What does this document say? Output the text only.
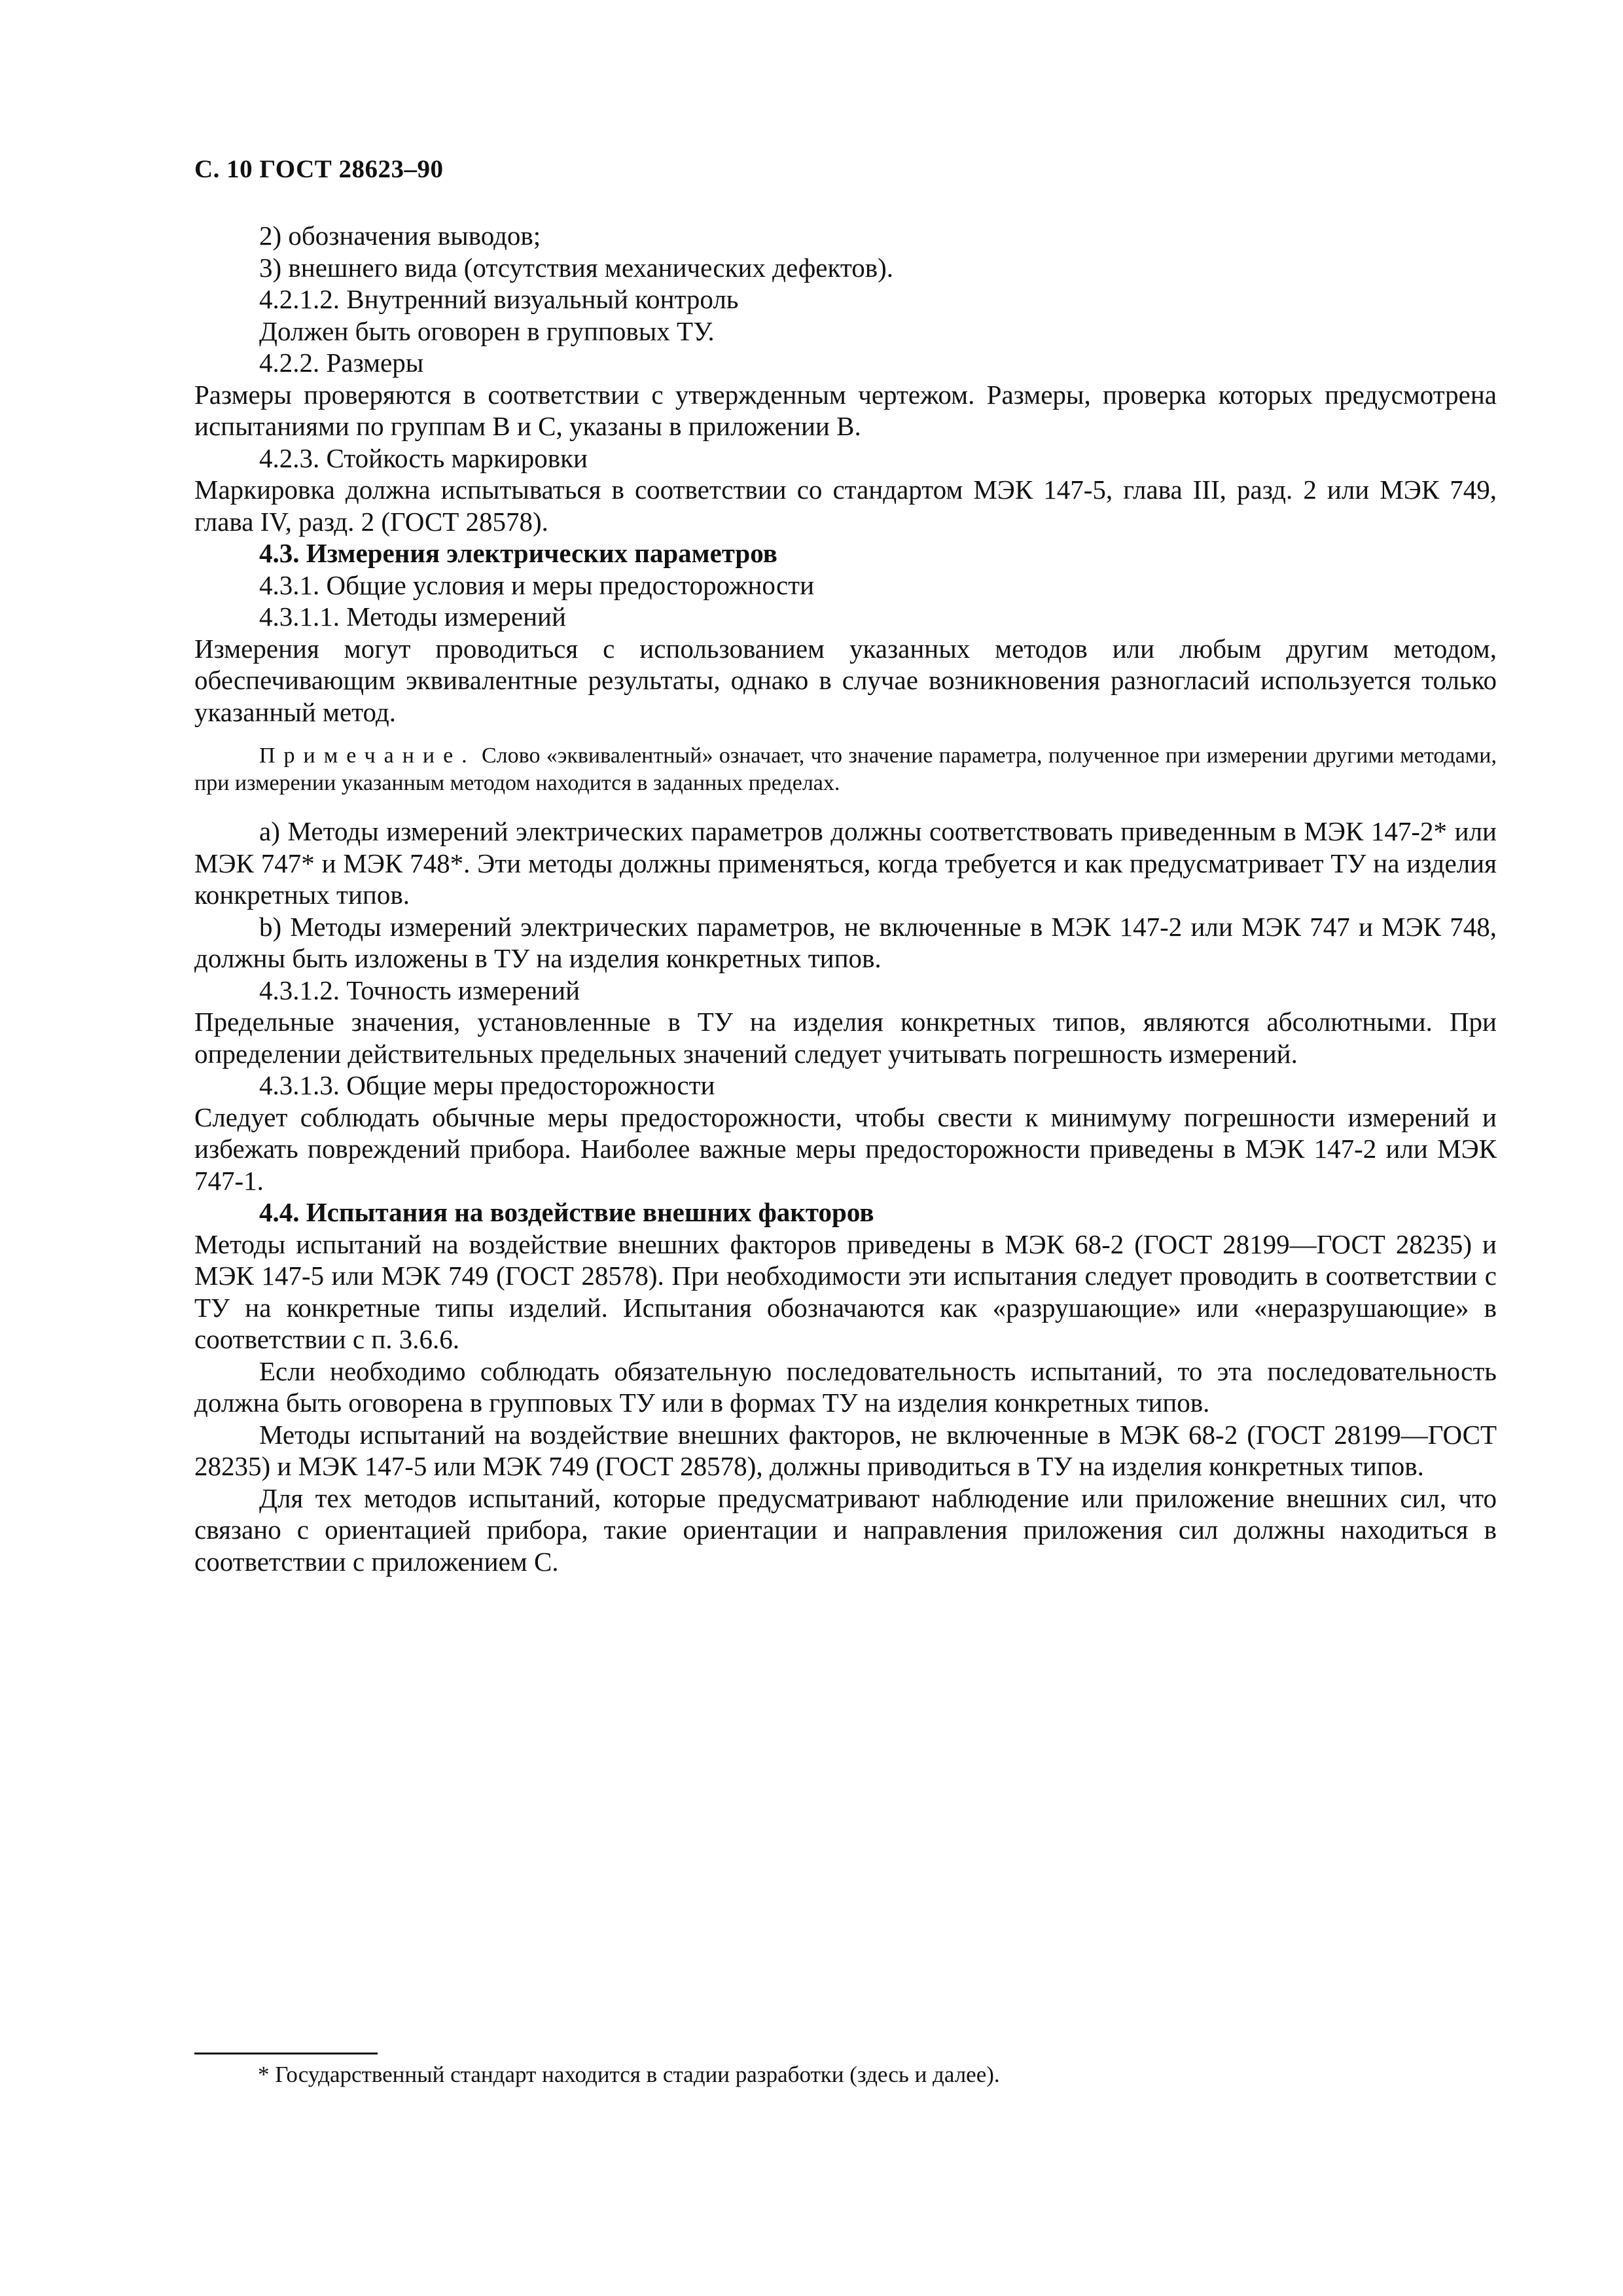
С. 10 ГОСТ 28623–90

2) обозначения выводов;

3) внешнего вида (отсутствия механических дефектов).

4.2.1.2. Внутренний визуальный контроль

Должен быть оговорен в групповых ТУ.

4.2.2. Размеры

Размеры проверяются в соответствии с утвержденным чертежом. Размеры, проверка которых предусмотрена испытаниями по группам В и С, указаны в приложении В.

4.2.3. Стойкость маркировки

Маркировка должна испытываться в соответствии со стандартом МЭК 147-5, глава III, разд. 2 или МЭК 749, глава IV, разд. 2 (ГОСТ 28578).

4.3. Измерения электрических параметров

4.3.1. Общие условия и меры предосторожности

4.3.1.1. Методы измерений

Измерения могут проводиться с использованием указанных методов или любым другим методом, обеспечивающим эквивалентные результаты, однако в случае возникновения разногласий используется только указанный метод.

Примечание. Слово «эквивалентный» означает, что значение параметра, полученное при измерении другими методами, при измерении указанным методом находится в заданных пределах.

a) Методы измерений электрических параметров должны соответствовать приведенным в МЭК 147-2* или МЭК 747* и МЭК 748*. Эти методы должны применяться, когда требуется и как предусматривает ТУ на изделия конкретных типов.

b) Методы измерений электрических параметров, не включенные в МЭК 147-2 или МЭК 747 и МЭК 748, должны быть изложены в ТУ на изделия конкретных типов.

4.3.1.2. Точность измерений

Предельные значения, установленные в ТУ на изделия конкретных типов, являются абсолютными. При определении действительных предельных значений следует учитывать погрешность измерений.

4.3.1.3. Общие меры предосторожности

Следует соблюдать обычные меры предосторожности, чтобы свести к минимуму погрешности измерений и избежать повреждений прибора. Наиболее важные меры предосторожности приведены в МЭК 147-2 или МЭК 747-1.

4.4. Испытания на воздействие внешних факторов

Методы испытаний на воздействие внешних факторов приведены в МЭК 68-2 (ГОСТ 28199—ГОСТ 28235) и МЭК 147-5 или МЭК 749 (ГОСТ 28578). При необходимости эти испытания следует проводить в соответствии с ТУ на конкретные типы изделий. Испытания обозначаются как «разрушающие» или «неразрушающие» в соответствии с п. 3.6.6.

Если необходимо соблюдать обязательную последовательность испытаний, то эта последовательность должна быть оговорена в групповых ТУ или в формах ТУ на изделия конкретных типов.

Методы испытаний на воздействие внешних факторов, не включенные в МЭК 68-2 (ГОСТ 28199—ГОСТ 28235) и МЭК 147-5 или МЭК 749 (ГОСТ 28578), должны приводиться в ТУ на изделия конкретных типов.

Для тех методов испытаний, которые предусматривают наблюдение или приложение внешних сил, что связано с ориентацией прибора, такие ориентации и направления приложения сил должны находиться в соответствии с приложением С.

* Государственный стандарт находится в стадии разработки (здесь и далее).
